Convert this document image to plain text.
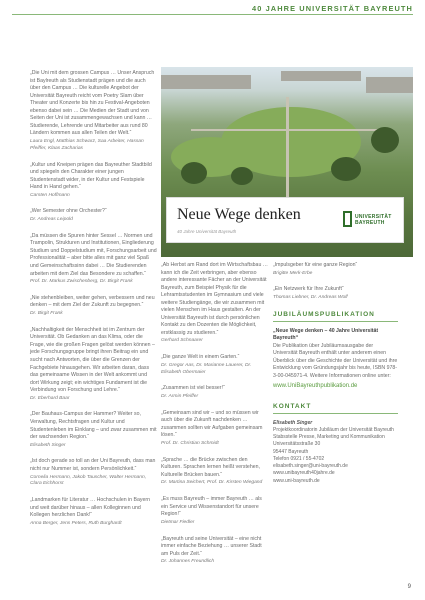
40 JAHRE UNIVERSITÄT BAYREUTH
„Die Uni mit dem grossen Campus … Unser Anspruch ist Baylreuth als Studienstadt prägen und die auch über den Campus … Die kulturelle Angebot der Universität Bayreuth reicht vom Poetry Slam über Theater und Konzerte bis hin zu Festival-Angeboten ebenso dabei sein … Die Medien der Stadt und von Seiten der Uni ist zusammengewachsen und kann … Studierende, Lehrende und Mitarbeiter aus rund 80 Ländern kommen aus allen Teilen der Welt.“
Laura Engl, Matthias Schwarz, Saa Arbeiter, Hassan Pfeiffer, Klaas Zacharias
„Kultur und Kneipen prägen das Bayreuther Stadtbild und spiegeln den Charakter einer jungen Studentenstadt wider, in der Kultur und Festspiele Hand in Hand gehen.“
Carsten Hoffmann
„Wer Semester ohne Orchester?“
Dr. Andreas Leipold
„Da müssen die Spuren hinter Sessel … Normen und Trampolin, Strukturen und Institutionen, Eingliederung Studium und Doppelstudium mit, Forschungsarbeit und Professionalität – aber bitte alles mit ganz viel Spaß und Gemeinschaftssinn dabei … Die Studierenden arbeiten mit dem Ziel das Besondere zu schaffen.“
Prof. Dr. Markus Zwischenberg, Dr. Birgit Frank
„Nie stehenbleiben, weiter gehen, verbessern und neu denken – mit dem Ziel der Zukunft zu begegnen.“
Dr. Birgit Frank
„Nachhaltigkeit der Menschheit ist im Zentrum der Universität. Ob Gedanken an das Klima, oder die Frage, wie die großen Fragen gelöst werden können – jede Forschungsgruppe bringt ihren Beitrag ein und sucht nach Antworten, die über die Grenzen der Fachgebiete hinausgehen. Wir arbeiten daran, dass das gemeinsame Wissen in der Welt ankommt und dort Wirkung zeigt; ein wichtiges Fundament ist die Verbindung von Forschung und Lehre.“
Dr. Eberhard Baar
„Der Bauhaus-Campus der Hammer? Weiter so, Verwaltung, Rechtsfragen und Kultur und Studentenleben im Einklang – und zwar zusammen mit der wachsenden Region.“
Elisabeth Singer
„Ist doch gerade so toll an der Uni Bayreuth, dass man nicht nur Nummer ist, sondern Persönlichkeit.“
Cornelia Hermann, Jakob Tauscher, Walter Hermann, Clara Eichhorst
„Landmarken für Literatur … Hochschulen in Bayern und weit darüber hinaus – allen Kolleginnen und Kollegen herzlichen Dank!“
Anna Berger, Jens Peters, Ruth Burghardt
Neue Wege denken
40 Jahre Universität Bayreuth
UNIVERSITÄT
BAYREUTH
„Ab Herbst am Rand dort im Wirtschaftsbau … kann ich die Zeit verbringen, aber ebenso andere interessante Fächer an der Universität Bayreuth, zum Beispiel Physik für die Lehramtsstudenten im Gymnasium und viele weitere Studiengänge, die wir zusammen mit vielen Menschen im Haus gestalten. An der Universität Bayreuth ist durch persönlichen Kontakt zu den Dozenten die Möglichkeit, erstklassig zu studieren.“
Gerhard Schnaarer
„Die ganze Welt in einem Garten.“
Dr. Gregor Aas, Dr. Marianne Lauerer, Dr. Elisabeth Obermaier
„Zusammen ist viel besser!“
Dr. Armin Pfeiffer
„Gemeinsam sind wir – und so müssen wir auch über die Zukunft nachdenken … zusammen sollten wir Aufgaben gemeinsam lösen.“
Prof. Dr. Christian Schmidt
„Sprache … die Brücke zwischen den Kulturen. Sprachen lernen heißt verstehen, Kulturelle Brücken bauen.“
Dr. Martina Seichert, Prof. Dr. Kirsten Wiegand
„Es muss Bayreuth – immer Bayreuth … als ein Service und Wissenstandort für unsere Region!“
Dietmar Fiedler
„Bayreuth und seine Universität – eine nicht immer einfache Beziehung … unserer Stadt am Puls der Zeit.“
Dr. Johannes Freundlich
„Impulsgeber für eine ganze Region“
Brigitte Merk-Erbe
„Ein Netzwerk für Ihre Zukunft“
Thomas Liebner, Dr. Andreas Wolf
JUBILÄUMSPUBLIKATION
„Neue Wege denken – 40 Jahre Universität Bayreuth“
Die Publikation über Jubiläumsausgabe der Universität Bayreuth enthält unter anderem einen Überblick über die Geschichte der Universität und ihre Entwicklung vom Gründungsjahr bis heute, ISBN 978-3-00-045971-4. Weitere Informationen online unter:
www.UniBayreuthpublikation.de
KONTAKT
Elisabeth Singer
Projektkoordinatorin Jubiläum der Universität Bayreuth
Stabsstelle Presse, Marketing und Kommunikation
Universitätsstraße 30
95447 Bayreuth
Telefon 0921 / 55-4702
elisabeth.singer@uni-bayreuth.de
www.unibayreuth40jahre.de
www.uni-bayreuth.de
9
